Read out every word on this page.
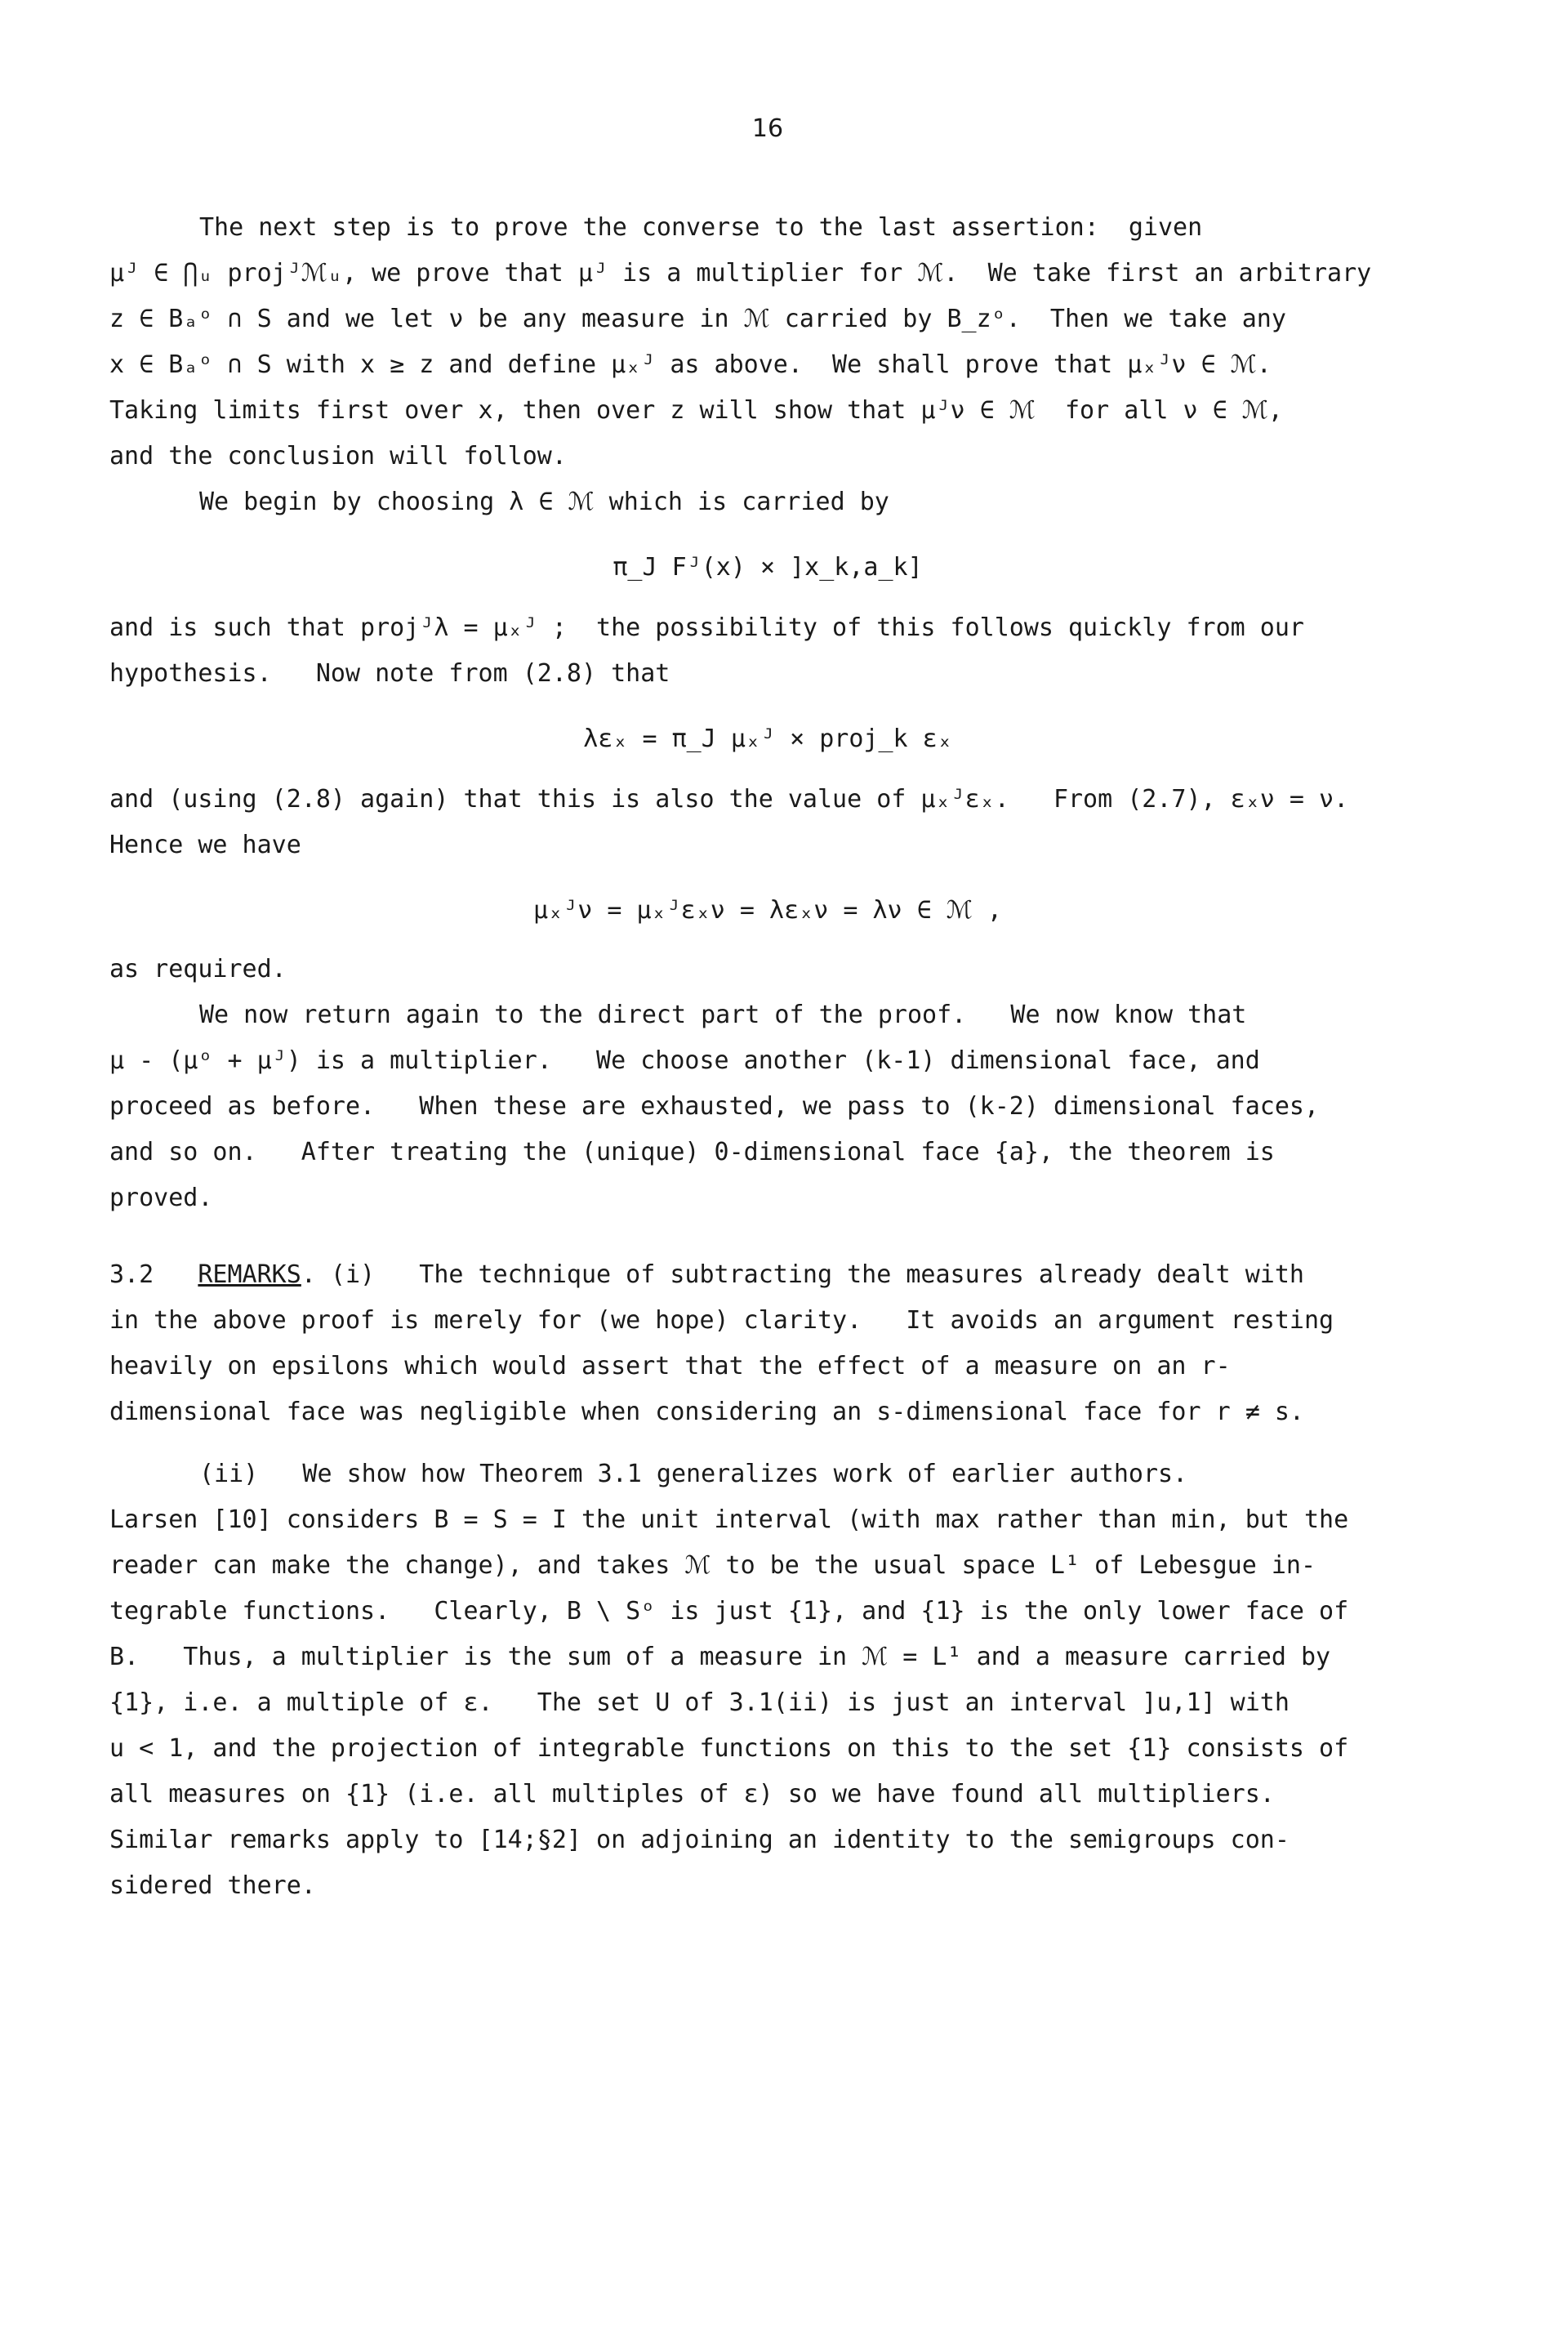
16
The next step is to prove the converse to the last assertion:  given
μᴶ ∈ ⋂ᵤ projᴶℳᵤ, we prove that μᴶ is a multiplier for ℳ.  We take first an arbitrary
z ∈ Bₐᵒ ∩ S and we let ν be any measure in ℳ carried by B_zᵒ.  Then we take any
x ∈ Bₐᵒ ∩ S with x ≥ z and define μₓᴶ as above.  We shall prove that μₓᴶν ∈ ℳ.
Taking limits first over x, then over z will show that μᴶν ∈ ℳ  for all ν ∈ ℳ,
and the conclusion will follow.
We begin by choosing λ ∈ ℳ which is carried by
π_J Fᴶ(x) × ]x_k,a_k]
and is such that projᴶλ = μₓᴶ ;  the possibility of this follows quickly from our
hypothesis.   Now note from (2.8) that
λεₓ = π_J μₓᴶ × proj_k εₓ
and (using (2.8) again) that this is also the value of μₓᴶεₓ.   From (2.7), εₓν = ν.
Hence we have
μₓᴶν = μₓᴶεₓν = λεₓν = λν ∈ ℳ ,
as required.
We now return again to the direct part of the proof.   We now know that
μ - (μᵒ + μᴶ) is a multiplier.   We choose another (k-1) dimensional face, and
proceed as before.   When these are exhausted, we pass to (k-2) dimensional faces,
and so on.   After treating the (unique) 0-dimensional face {a}, the theorem is
proved.
3.2 REMARKS. (i)   The technique of subtracting the measures already dealt with
in the above proof is merely for (we hope) clarity.   It avoids an argument resting
heavily on epsilons which would assert that the effect of a measure on an r-
dimensional face was negligible when considering an s-dimensional face for r ≠ s.
(ii)   We show how Theorem 3.1 generalizes work of earlier authors.
Larsen [10] considers B = S = I the unit interval (with max rather than min, but the
reader can make the change), and takes ℳ to be the usual space L¹ of Lebesgue in-
tegrable functions.   Clearly, B \ Sᵒ is just {1}, and {1} is the only lower face of
B.   Thus, a multiplier is the sum of a measure in ℳ = L¹ and a measure carried by
{1}, i.e. a multiple of ε.   The set U of 3.1(ii) is just an interval ]u,1] with
u < 1, and the projection of integrable functions on this to the set {1} consists of
all measures on {1} (i.e. all multiples of ε) so we have found all multipliers.
Similar remarks apply to [14;§2] on adjoining an identity to the semigroups con-
sidered there.
